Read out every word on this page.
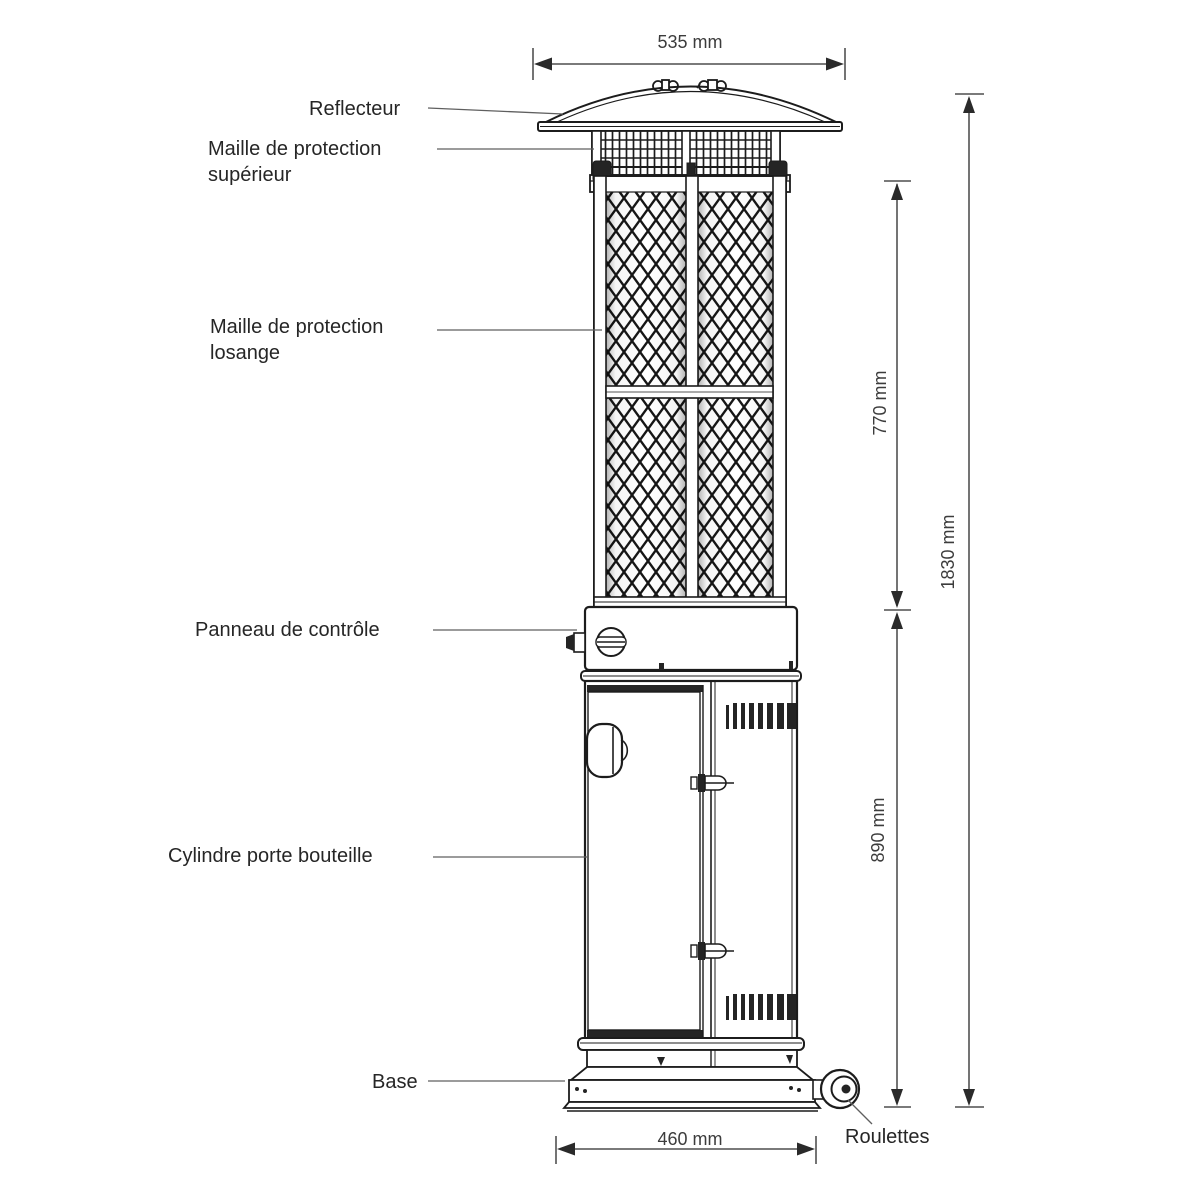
Reflecteur
Maille de protection
supérieur
Maille de protection
losange
Panneau de contrôle
Cylindre porte bouteille
Base
Roulettes
535 mm
770 mm
1830 mm
890 mm
460 mm
